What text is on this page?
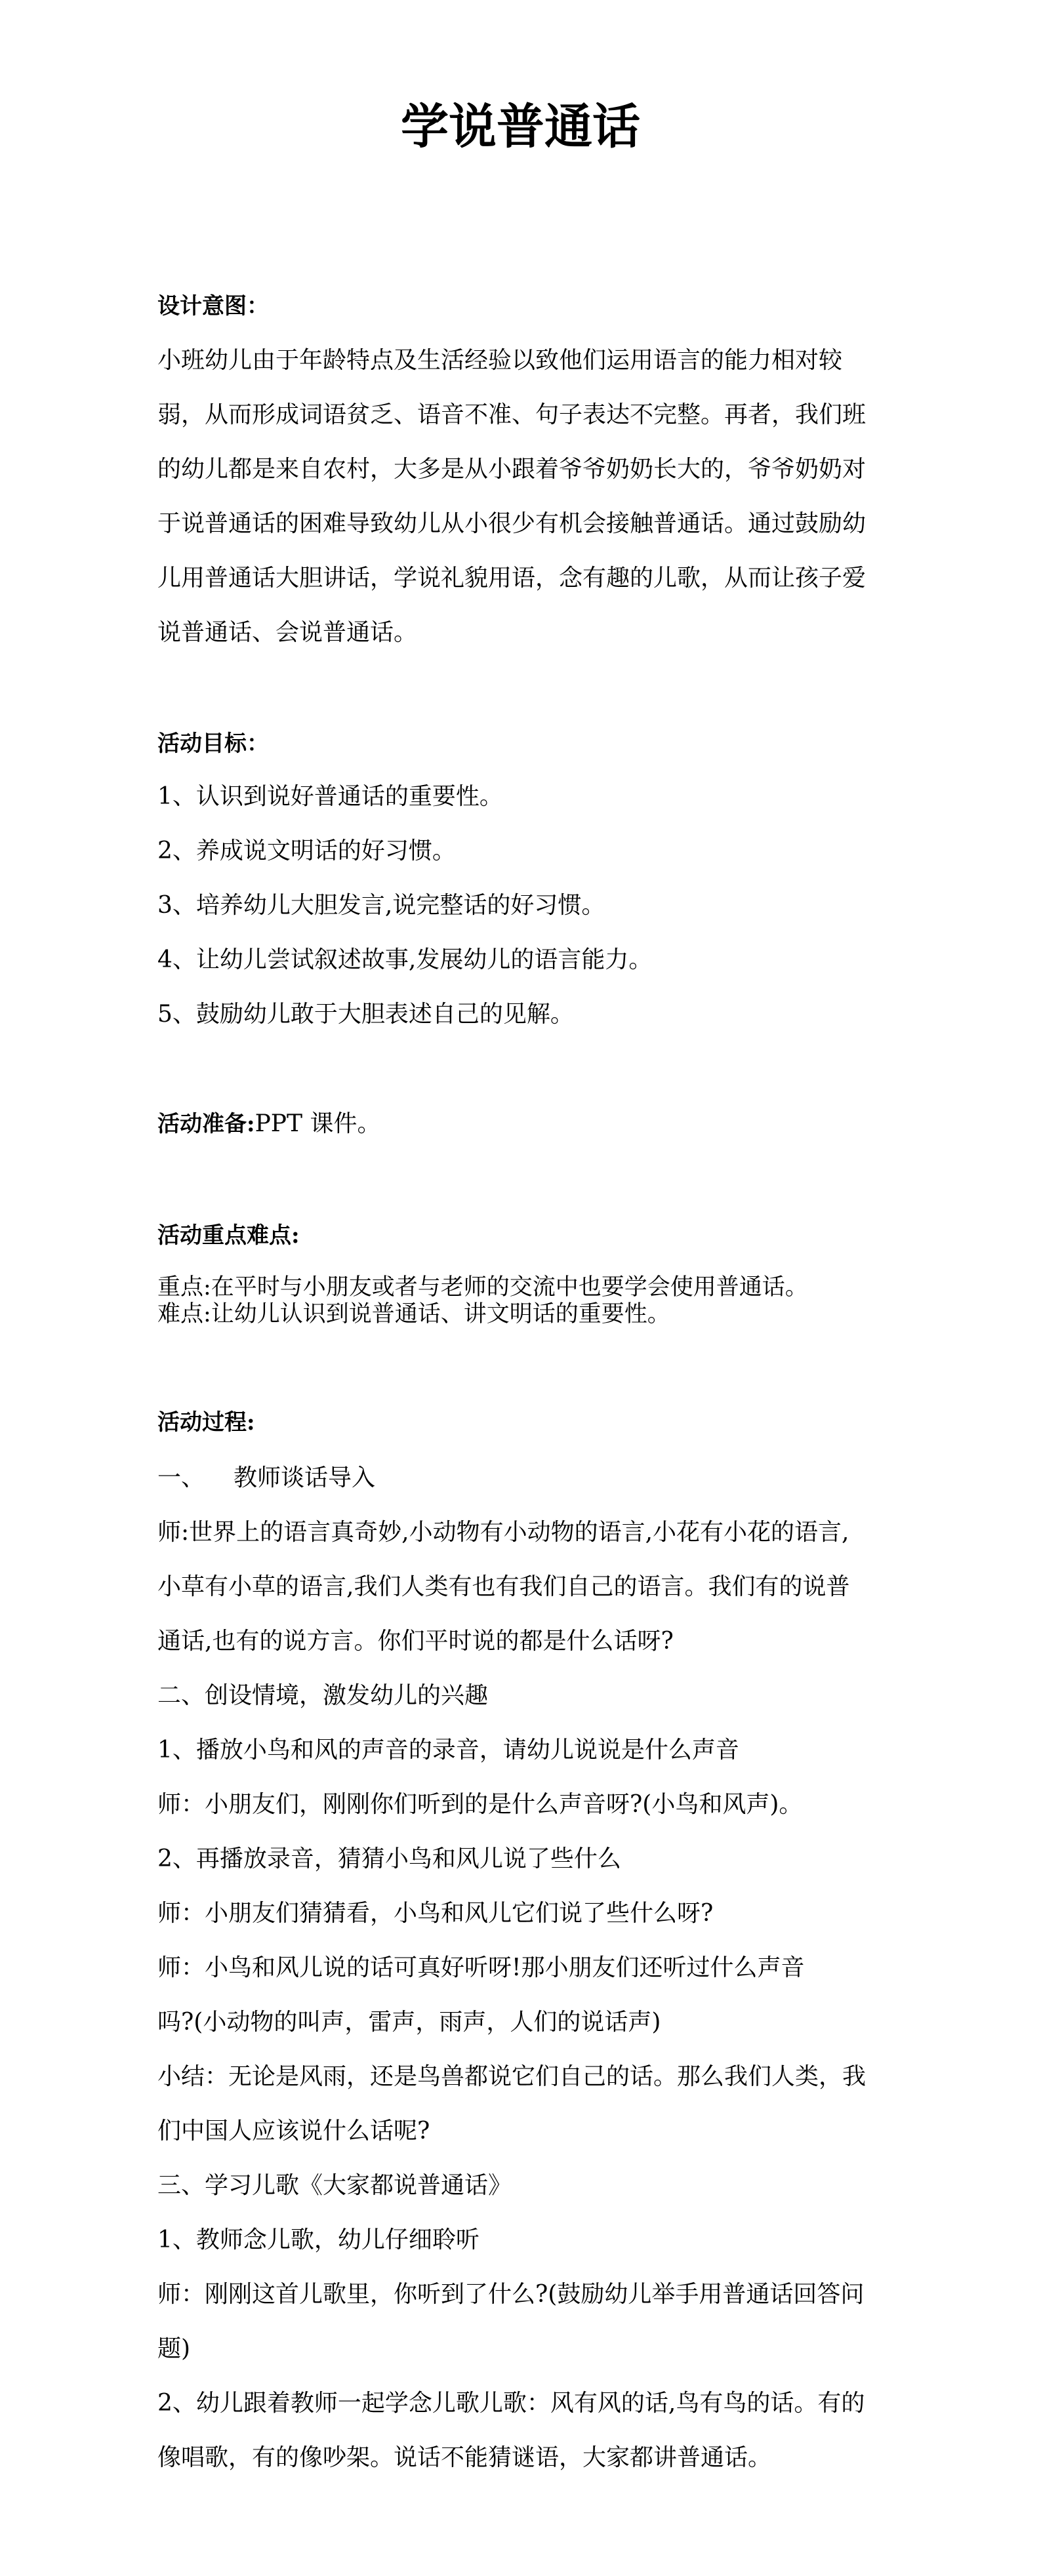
学说普通话
设计意图：
小班幼儿由于年龄特点及生活经验以致他们运用语言的能力相对较
弱，从而形成词语贫乏、语音不准、句子表达不完整。再者，我们班
的幼儿都是来自农村，大多是从小跟着爷爷奶奶长大的，爷爷奶奶对
于说普通话的困难导致幼儿从小很少有机会接触普通话。通过鼓励幼
儿用普通话大胆讲话，学说礼貌用语，念有趣的儿歌，从而让孩子爱
说普通话、会说普通话。
活动目标：
1、认识到说好普通话的重要性。
2、养成说文明话的好习惯。
3、培养幼儿大胆发言,说完整话的好习惯。
4、让幼儿尝试叙述故事,发展幼儿的语言能力。
5、鼓励幼儿敢于大胆表述自己的见解。
活动准备:PPT 课件。
活动重点难点:
重点:在平时与小朋友或者与老师的交流中也要学会使用普通话。
难点:让幼儿认识到说普通话、讲文明话的重要性。
活动过程:
一、 教师谈话导入
师:世界上的语言真奇妙,小动物有小动物的语言,小花有小花的语言,
小草有小草的语言,我们人类有也有我们自己的语言。我们有的说普
通话,也有的说方言。你们平时说的都是什么话呀?
二、创设情境，激发幼儿的兴趣
1、播放小鸟和风的声音的录音，请幼儿说说是什么声音
师：小朋友们，刚刚你们听到的是什么声音呀?(小鸟和风声)。
2、再播放录音，猜猜小鸟和风儿说了些什么
师：小朋友们猜猜看，小鸟和风儿它们说了些什么呀?
师：小鸟和风儿说的话可真好听呀!那小朋友们还听过什么声音
吗?(小动物的叫声，雷声，雨声，人们的说话声)
小结：无论是风雨，还是鸟兽都说它们自己的话。那么我们人类，我
们中国人应该说什么话呢?
三、学习儿歌《大家都说普通话》
1、教师念儿歌，幼儿仔细聆听
师：刚刚这首儿歌里，你听到了什么?(鼓励幼儿举手用普通话回答问
题)
2、幼儿跟着教师一起学念儿歌儿歌：风有风的话,鸟有鸟的话。有的
像唱歌，有的像吵架。说话不能猜谜语，大家都讲普通话。
